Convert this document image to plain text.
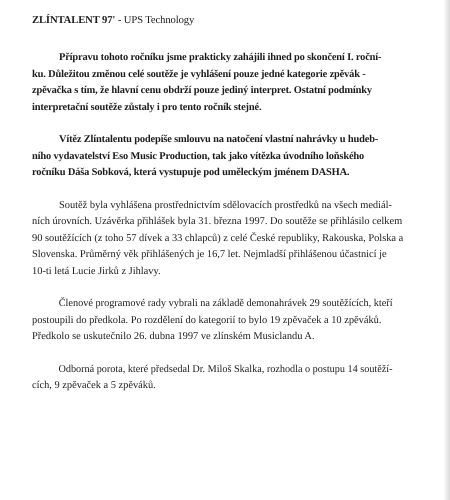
ZLÍNTALENT 97' - UPS Technology

Přípravu tohoto ročníku jsme prakticky zahájili ihned po skončení I. roční-
ku. Důležitou změnou celé soutěže je vyhlášení pouze jedné kategorie zpěvák -
zpěvačka s tím, že hlavní cenu obdrží pouze jediný interpret. Ostatní podmínky
interpretační soutěže zůstaly i pro tento ročník stejné.

Vítěz Zlíntalentu podepíše smlouvu na natočení vlastní nahrávky u hudeb-
ního vydavatelství Eso Music Production, tak jako vítězka úvodního loňského
ročníku Dáša Sobková, která vystupuje pod uměleckým jménem DASHA.

Soutěž byla vyhlášena prostřednictvím sdělovacích prostředků na všech mediál-
ních úrovních. Uzávěrka přihlášek byla 31. března 1997. Do soutěže se přihlásilo celkem
90 soutěžících (z toho 57 dívek a 33 chlapců) z celé České republiky, Rakouska, Polska a
Slovenska. Průměrný věk přihlášených je 16,7 let. Nejmladší přihlášenou účastnicí je
10-ti letá Lucie Jirků z Jihlavy.

Členové programové rady vybrali na základě demonahrávek 29 soutěžících, kteří
postoupili do předkola. Po rozdělení do kategorií to bylo 19 zpěvaček a 10 zpěváků.
Předkolo se uskutečnilo 26. dubna 1997 ve zlínském Musiclandu A.

Odborná porota, které předsedal Dr. Miloš Skalka, rozhodla o postupu 14 soutěží-
cích, 9 zpěvaček a 5 zpěváků.
